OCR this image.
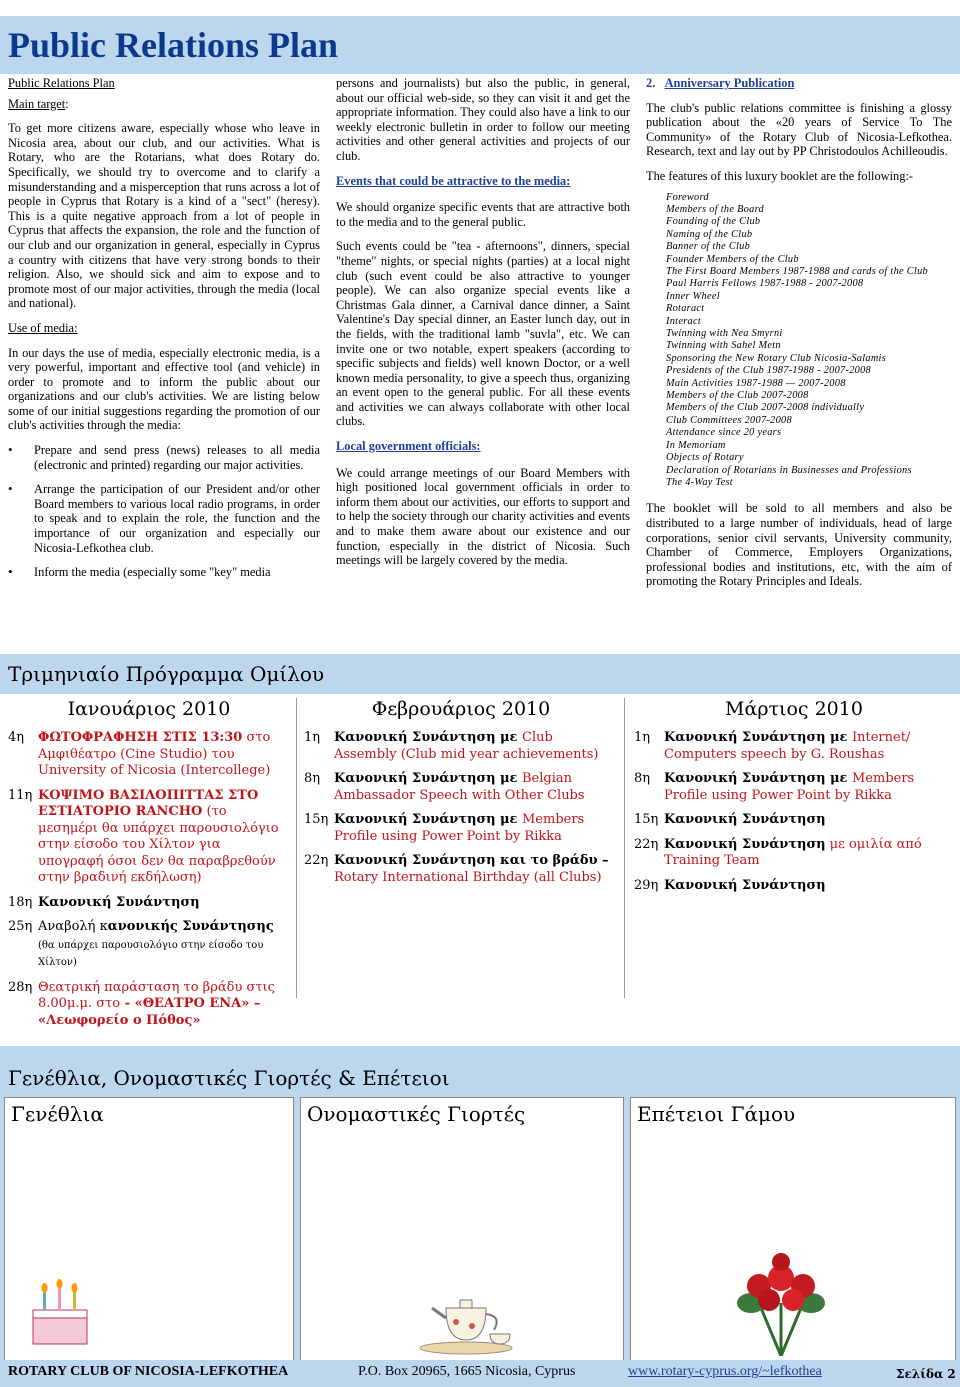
Public Relations Plan

Public Relations Plan

Main target:

To get more citizens aware, especially whose who leave in Nicosia area, about our club, and our activities. What is Rotary, who are the Rotarians, what does Rotary do. Specifically, we should try to overcome and to clarify a misunderstanding and a misperception that runs across a lot of people in Cyprus that Rotary is a kind of a "sect" (heresy). This is a quite negative approach from a lot of people in Cyprus that affects the expansion, the role and the function of our club and our organization in general, especially in Cyprus a country with citizens that have very strong bonds to their religion. Also, we should sick and aim to expose and to promote most of our major activities, through the media (local and national).

Use of media:

In our days the use of media, especially electronic media, is a very powerful, important and effective tool (and vehicle) in order to promote and to inform the public about our organizations and our club's activities. We are listing below some of our initial suggestions regarding the promotion of our club's activities through the media:

• Prepare and send press (news) releases to all media (electronic and printed) regarding our major activities.
• Arrange the participation of our President and/or other Board members to various local radio programs, in order to speak and to explain the role, the function and the importance of our organization and especially our Nicosia-Lefkothea club.
• Inform the media (especially some "key" media

persons and journalists) but also the public, in general, about our official web-side, so they can visit it and get the appropriate information. They could also have a link to our weekly electronic bulletin in order to follow our meeting activities and other general activities and projects of our club.

Events that could be attractive to the media:

We should organize specific events that are attractive both to the media and to the general public.

Such events could be "tea - afternoons", dinners, special "theme" nights, or special nights (parties) at a local night club (such event could be also attractive to younger people). We can also organize special events like a Christmas Gala dinner, a Carnival dance dinner, a Saint Valentine's Day special dinner, an Easter lunch day, out in the fields, with the traditional lamb "suvla", etc. We can invite one or two notable, expert speakers (according to specific subjects and fields) well known Doctor, or a well known media personality, to give a speech thus, organizing an event open to the general public. For all these events and activities we can always collaborate with other local clubs.

Local government officials:

We could arrange meetings of our Board Members with high positioned local government officials in order to inform them about our activities, our efforts to support and to help the society through our charity activities and events and to make them aware about our existence and our function, especially in the district of Nicosia. Such meetings will be largely covered by the media.

2. Anniversary Publication

The club's public relations committee is finishing a glossy publication about the «20 years of Service To The Community» of the Rotary Club of Nicosia-Lefkothea. Research, text and lay out by PP Christodoulos Achilleoudis.

The features of this luxury booklet are the following:-

Foreword
Members of the Board
Founding of the Club
Naming of the Club
Banner of the Club
Founder Members of the Club
The First Board Members 1987-1988 and cards of the Club
Paul Harris Fellows 1987-1988 - 2007-2008
Inner Wheel
Rotaract
Interact
Twinning with Nea Smyrni
Twinning with Sahel Metn
Sponsoring the New Rotary Club Nicosia-Salamis
Presidents of the Club 1987-1988 - 2007-2008
Main Activities 1987-1988 — 2007-2008
Members of the Club 2007-2008
Members of the Club 2007-2008 individually
Club Committees 2007-2008
Attendance since 20 years
In Memoriam
Objects of Rotary
Declaration of Rotarians in Businesses and Professions
The 4-Way Test

The booklet will be sold to all members and also be distributed to a large number of individuals, head of large corporations, senior civil servants, University community, Chamber of Commerce, Employers Organizations, professional bodies and institutions, etc, with the aim of promoting the Rotary Principles and Ideals.

Τριμηνιαίο Πρόγραμμα Ομίλου
Ιανουάριος 2010
4η	ΦΩΤΟΦΡΑΦΗΣΗ ΣΤΙΣ 13:30 στο Αμφιθέατρο (Cine Studio) του University of Nicosia (Intercollege)
11η ΚΟΨΙΜΟ ΒΑΣΙΛΟΠΙΤΤΑΣ ΣΤΟ ΕΣΤΙΑΤΟΡΙΟ RANCHO (το μεσημέρι θα υπάρχει παρουσιολόγιο στην είσοδο του Χίλτον για υπογραφή όσοι δεν θα παραβρεθούν στην βραδινή εκδήλωση)
18η Κανονική Συνάντηση
25η Αναβολή κανονικής Συνάντησης (θα υπάρχει παρουσιολόγιο στην είσοδο του Χίλτον)
28η Θεατρική παράσταση το βράδυ στις 8.00μ.μ. στο - «ΘΕΑΤΡΟ ΕΝΑ» – «Λεωφορείο ο Πόθος»
Φεβρουάριος 2010
1η	Κανονική Συνάντηση με Club Assembly (Club mid year achievements)
8η	Κανονική Συνάντηση με Belgian Ambassador Speech with Other Clubs
15η Κανονική Συνάντηση με Members Profile using Power Point by Rikka
22η Κανονική Συνάντηση και το βράδυ – Rotary International Birthday (all Clubs)
Μάρτιος 2010
1η	Κανονική Συνάντηση με Internet/ Computers speech by G. Roushas
8η	Κανονική Συνάντηση με Members Profile using Power Point by Rikka
15η Κανονική Συνάντηση
22η Κανονική Συνάντηση με ομιλία από Training Team
29η Κανονική Συνάντηση
Γενέθλια, Ονομαστικές Γιορτές & Επέτειοι
Γενέθλια	Ονομαστικές Γιορτές	Επέτειοι Γάμου
ROTARY CLUB OF NICOSIA-LEFKOTHEA	P.O. Box 20965, 1665 Nicosia, Cyprus	www.rotary-cyprus.org/~lefkothea	Σελίδα 2
